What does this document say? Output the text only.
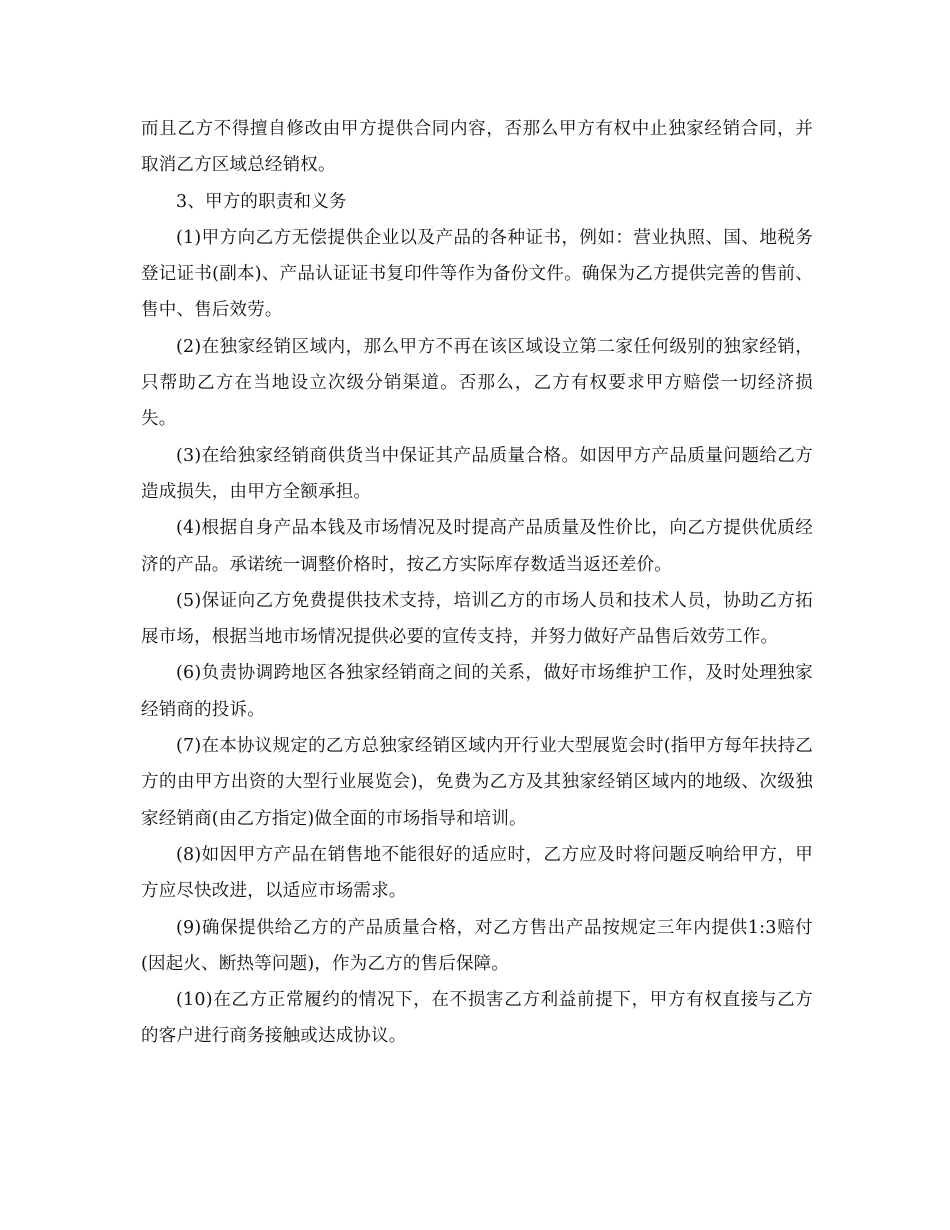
而且乙方不得擅自修改由甲方提供合同内容，否那么甲方有权中止独家经销合同，并取消乙方区域总经销权。

3、甲方的职责和义务

(1)甲方向乙方无偿提供企业以及产品的各种证书，例如：营业执照、国、地税务登记证书(副本)、产品认证证书复印件等作为备份文件。确保为乙方提供完善的售前、售中、售后效劳。

(2)在独家经销区域内，那么甲方不再在该区域设立第二家任何级别的独家经销，只帮助乙方在当地设立次级分销渠道。否那么，乙方有权要求甲方赔偿一切经济损失。

(3)在给独家经销商供货当中保证其产品质量合格。如因甲方产品质量问题给乙方造成损失，由甲方全额承担。

(4)根据自身产品本钱及市场情况及时提高产品质量及性价比，向乙方提供优质经济的产品。承诺统一调整价格时，按乙方实际库存数适当返还差价。

(5)保证向乙方免费提供技术支持，培训乙方的市场人员和技术人员，协助乙方拓展市场，根据当地市场情况提供必要的宣传支持，并努力做好产品售后效劳工作。

(6)负责协调跨地区各独家经销商之间的关系，做好市场维护工作，及时处理独家经销商的投诉。

(7)在本协议规定的乙方总独家经销区域内开行业大型展览会时(指甲方每年扶持乙方的由甲方出资的大型行业展览会)，免费为乙方及其独家经销区域内的地级、次级独家经销商(由乙方指定)做全面的市场指导和培训。

(8)如因甲方产品在销售地不能很好的适应时，乙方应及时将问题反响给甲方，甲方应尽快改进，以适应市场需求。

(9)确保提供给乙方的产品质量合格，对乙方售出产品按规定三年内提供1:3赔付(因起火、断热等问题)，作为乙方的售后保障。

(10)在乙方正常履约的情况下，在不损害乙方利益前提下，甲方有权直接与乙方的客户进行商务接触或达成协议。
